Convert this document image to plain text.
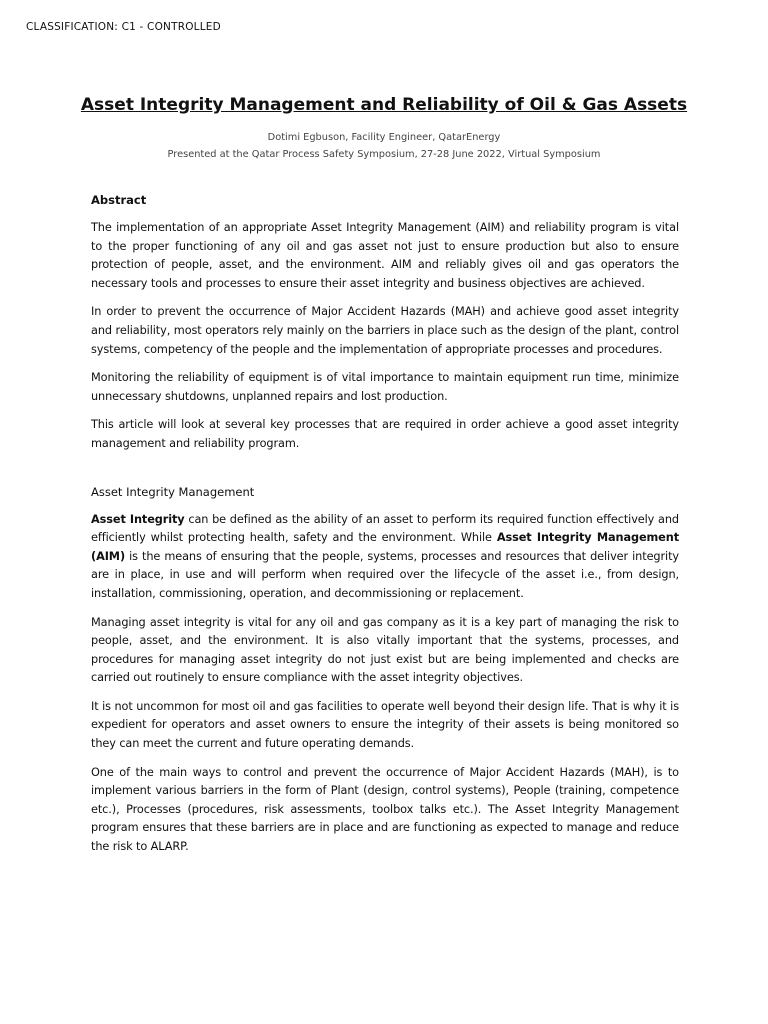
CLASSIFICATION: C1 - CONTROLLED
Asset Integrity Management and Reliability of Oil & Gas Assets
Dotimi Egbuson, Facility Engineer, QatarEnergy
Presented at the Qatar Process Safety Symposium, 27-28 June 2022, Virtual Symposium
Abstract

The implementation of an appropriate Asset Integrity Management (AIM) and reliability program is vital to the proper functioning of any oil and gas asset not just to ensure production but also to ensure protection of people, asset, and the environment. AIM and reliably gives oil and gas operators the necessary tools and processes to ensure their asset integrity and business objectives are achieved.

In order to prevent the occurrence of Major Accident Hazards (MAH) and achieve good asset integrity and reliability, most operators rely mainly on the barriers in place such as the design of the plant, control systems, competency of the people and the implementation of appropriate processes and procedures.

Monitoring the reliability of equipment is of vital importance to maintain equipment run time, minimize unnecessary shutdowns, unplanned repairs and lost production.

This article will look at several key processes that are required in order achieve a good asset integrity management and reliability program.

Asset Integrity Management

Asset Integrity can be defined as the ability of an asset to perform its required function effectively and efficiently whilst protecting health, safety and the environment. While Asset Integrity Management (AIM) is the means of ensuring that the people, systems, processes and resources that deliver integrity are in place, in use and will perform when required over the lifecycle of the asset i.e., from design, installation, commissioning, operation, and decommissioning or replacement.

Managing asset integrity is vital for any oil and gas company as it is a key part of managing the risk to people, asset, and the environment. It is also vitally important that the systems, processes, and procedures for managing asset integrity do not just exist but are being implemented and checks are carried out routinely to ensure compliance with the asset integrity objectives.

It is not uncommon for most oil and gas facilities to operate well beyond their design life. That is why it is expedient for operators and asset owners to ensure the integrity of their assets is being monitored so they can meet the current and future operating demands.

One of the main ways to control and prevent the occurrence of Major Accident Hazards (MAH), is to implement various barriers in the form of Plant (design, control systems), People (training, competence etc.), Processes (procedures, risk assessments, toolbox talks etc.). The Asset Integrity Management program ensures that these barriers are in place and are functioning as expected to manage and reduce the risk to ALARP.
